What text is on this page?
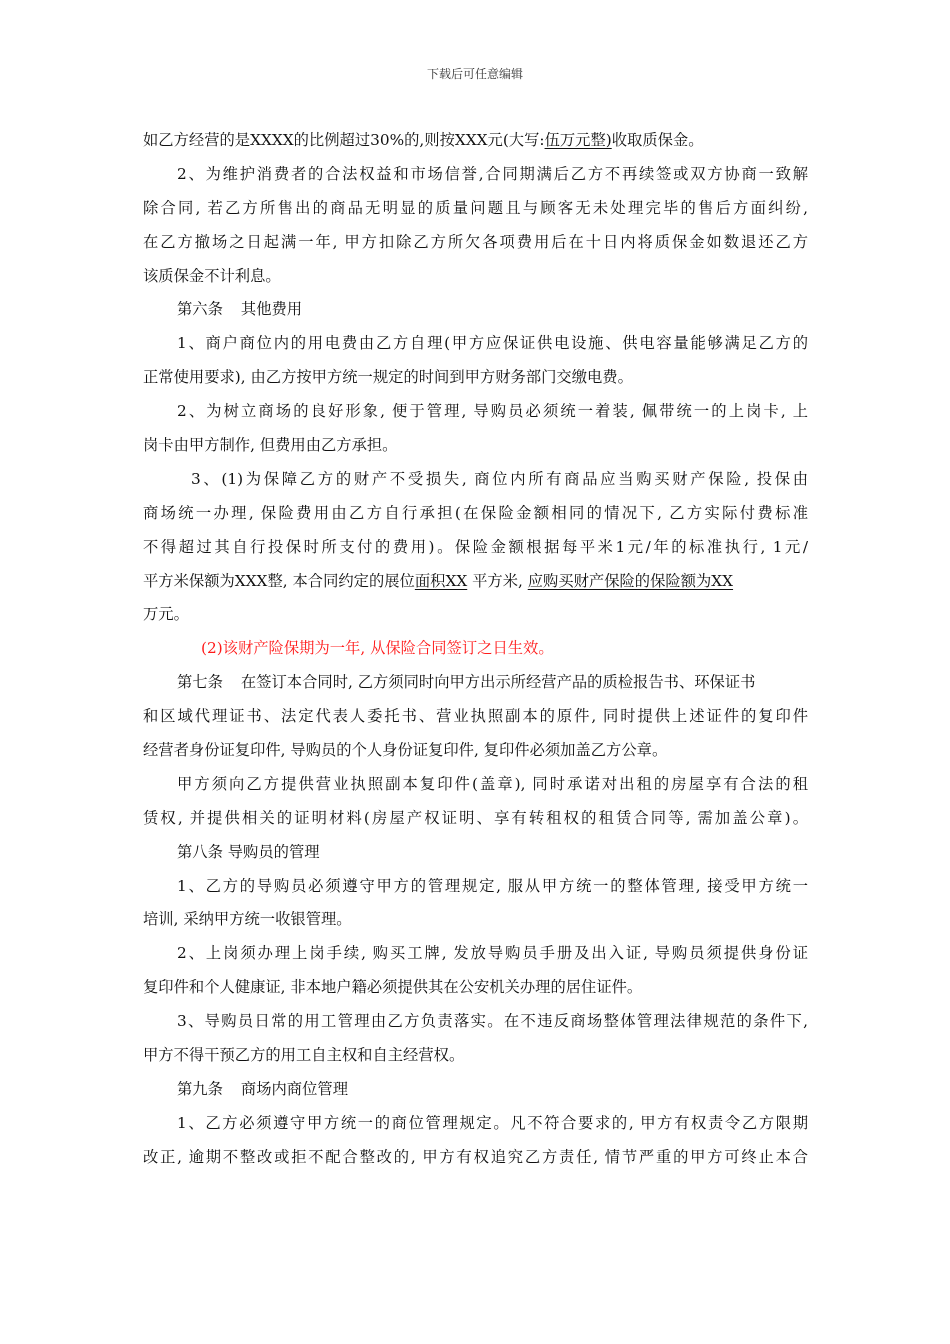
下载后可任意编辑
如乙方经营的是XXXX的比例超过30%的,则按XXX元(大写:伍万元整)收取质保金。
2、为维护消费者的合法权益和市场信誉,合同期满后乙方不再续签或双方协商一致解
除合同, 若乙方所售出的商品无明显的质量问题且与顾客无未处理完毕的售后方面纠纷,
在乙方撤场之日起满一年, 甲方扣除乙方所欠各项费用后在十日内将质保金如数退还乙方
该质保金不计利息。
第六条 其他费用
1、商户商位内的用电费由乙方自理(甲方应保证供电设施、供电容量能够满足乙方的
正常使用要求), 由乙方按甲方统一规定的时间到甲方财务部门交缴电费。
2、为树立商场的良好形象, 便于管理, 导购员必须统一着装, 佩带统一的上岗卡, 上
岗卡由甲方制作, 但费用由乙方承担。
3、(1)为保障乙方的财产不受损失, 商位内所有商品应当购买财产保险, 投保由
商场统一办理, 保险费用由乙方自行承担(在保险金额相同的情况下, 乙方实际付费标准
不得超过其自行投保时所支付的费用)。保险金额根据每平米1元/年的标准执行, 1元/
平方米保额为XXX整, 本合同约定的展位面积XX 平方米, 应购买财产保险的保险额为XX
万元。
(2)该财产险保期为一年, 从保险合同签订之日生效。
第七条 在签订本合同时, 乙方须同时向甲方出示所经营产品的质检报告书、环保证书
和区域代理证书、法定代表人委托书、营业执照副本的原件, 同时提供上述证件的复印件
经营者身份证复印件, 导购员的个人身份证复印件, 复印件必须加盖乙方公章。
甲方须向乙方提供营业执照副本复印件(盖章), 同时承诺对出租的房屋享有合法的租
赁权, 并提供相关的证明材料(房屋产权证明、享有转租权的租赁合同等, 需加盖公章)。
第八条 导购员的管理
1、乙方的导购员必须遵守甲方的管理规定, 服从甲方统一的整体管理, 接受甲方统一
培训, 采纳甲方统一收银管理。
2、上岗须办理上岗手续, 购买工牌, 发放导购员手册及出入证, 导购员须提供身份证
复印件和个人健康证, 非本地户籍必须提供其在公安机关办理的居住证件。
3、导购员日常的用工管理由乙方负责落实。在不违反商场整体管理法律规范的条件下,
甲方不得干预乙方的用工自主权和自主经营权。
第九条 商场内商位管理
1、乙方必须遵守甲方统一的商位管理规定。凡不符合要求的, 甲方有权责令乙方限期
改正, 逾期不整改或拒不配合整改的, 甲方有权追究乙方责任, 情节严重的甲方可终止本合
